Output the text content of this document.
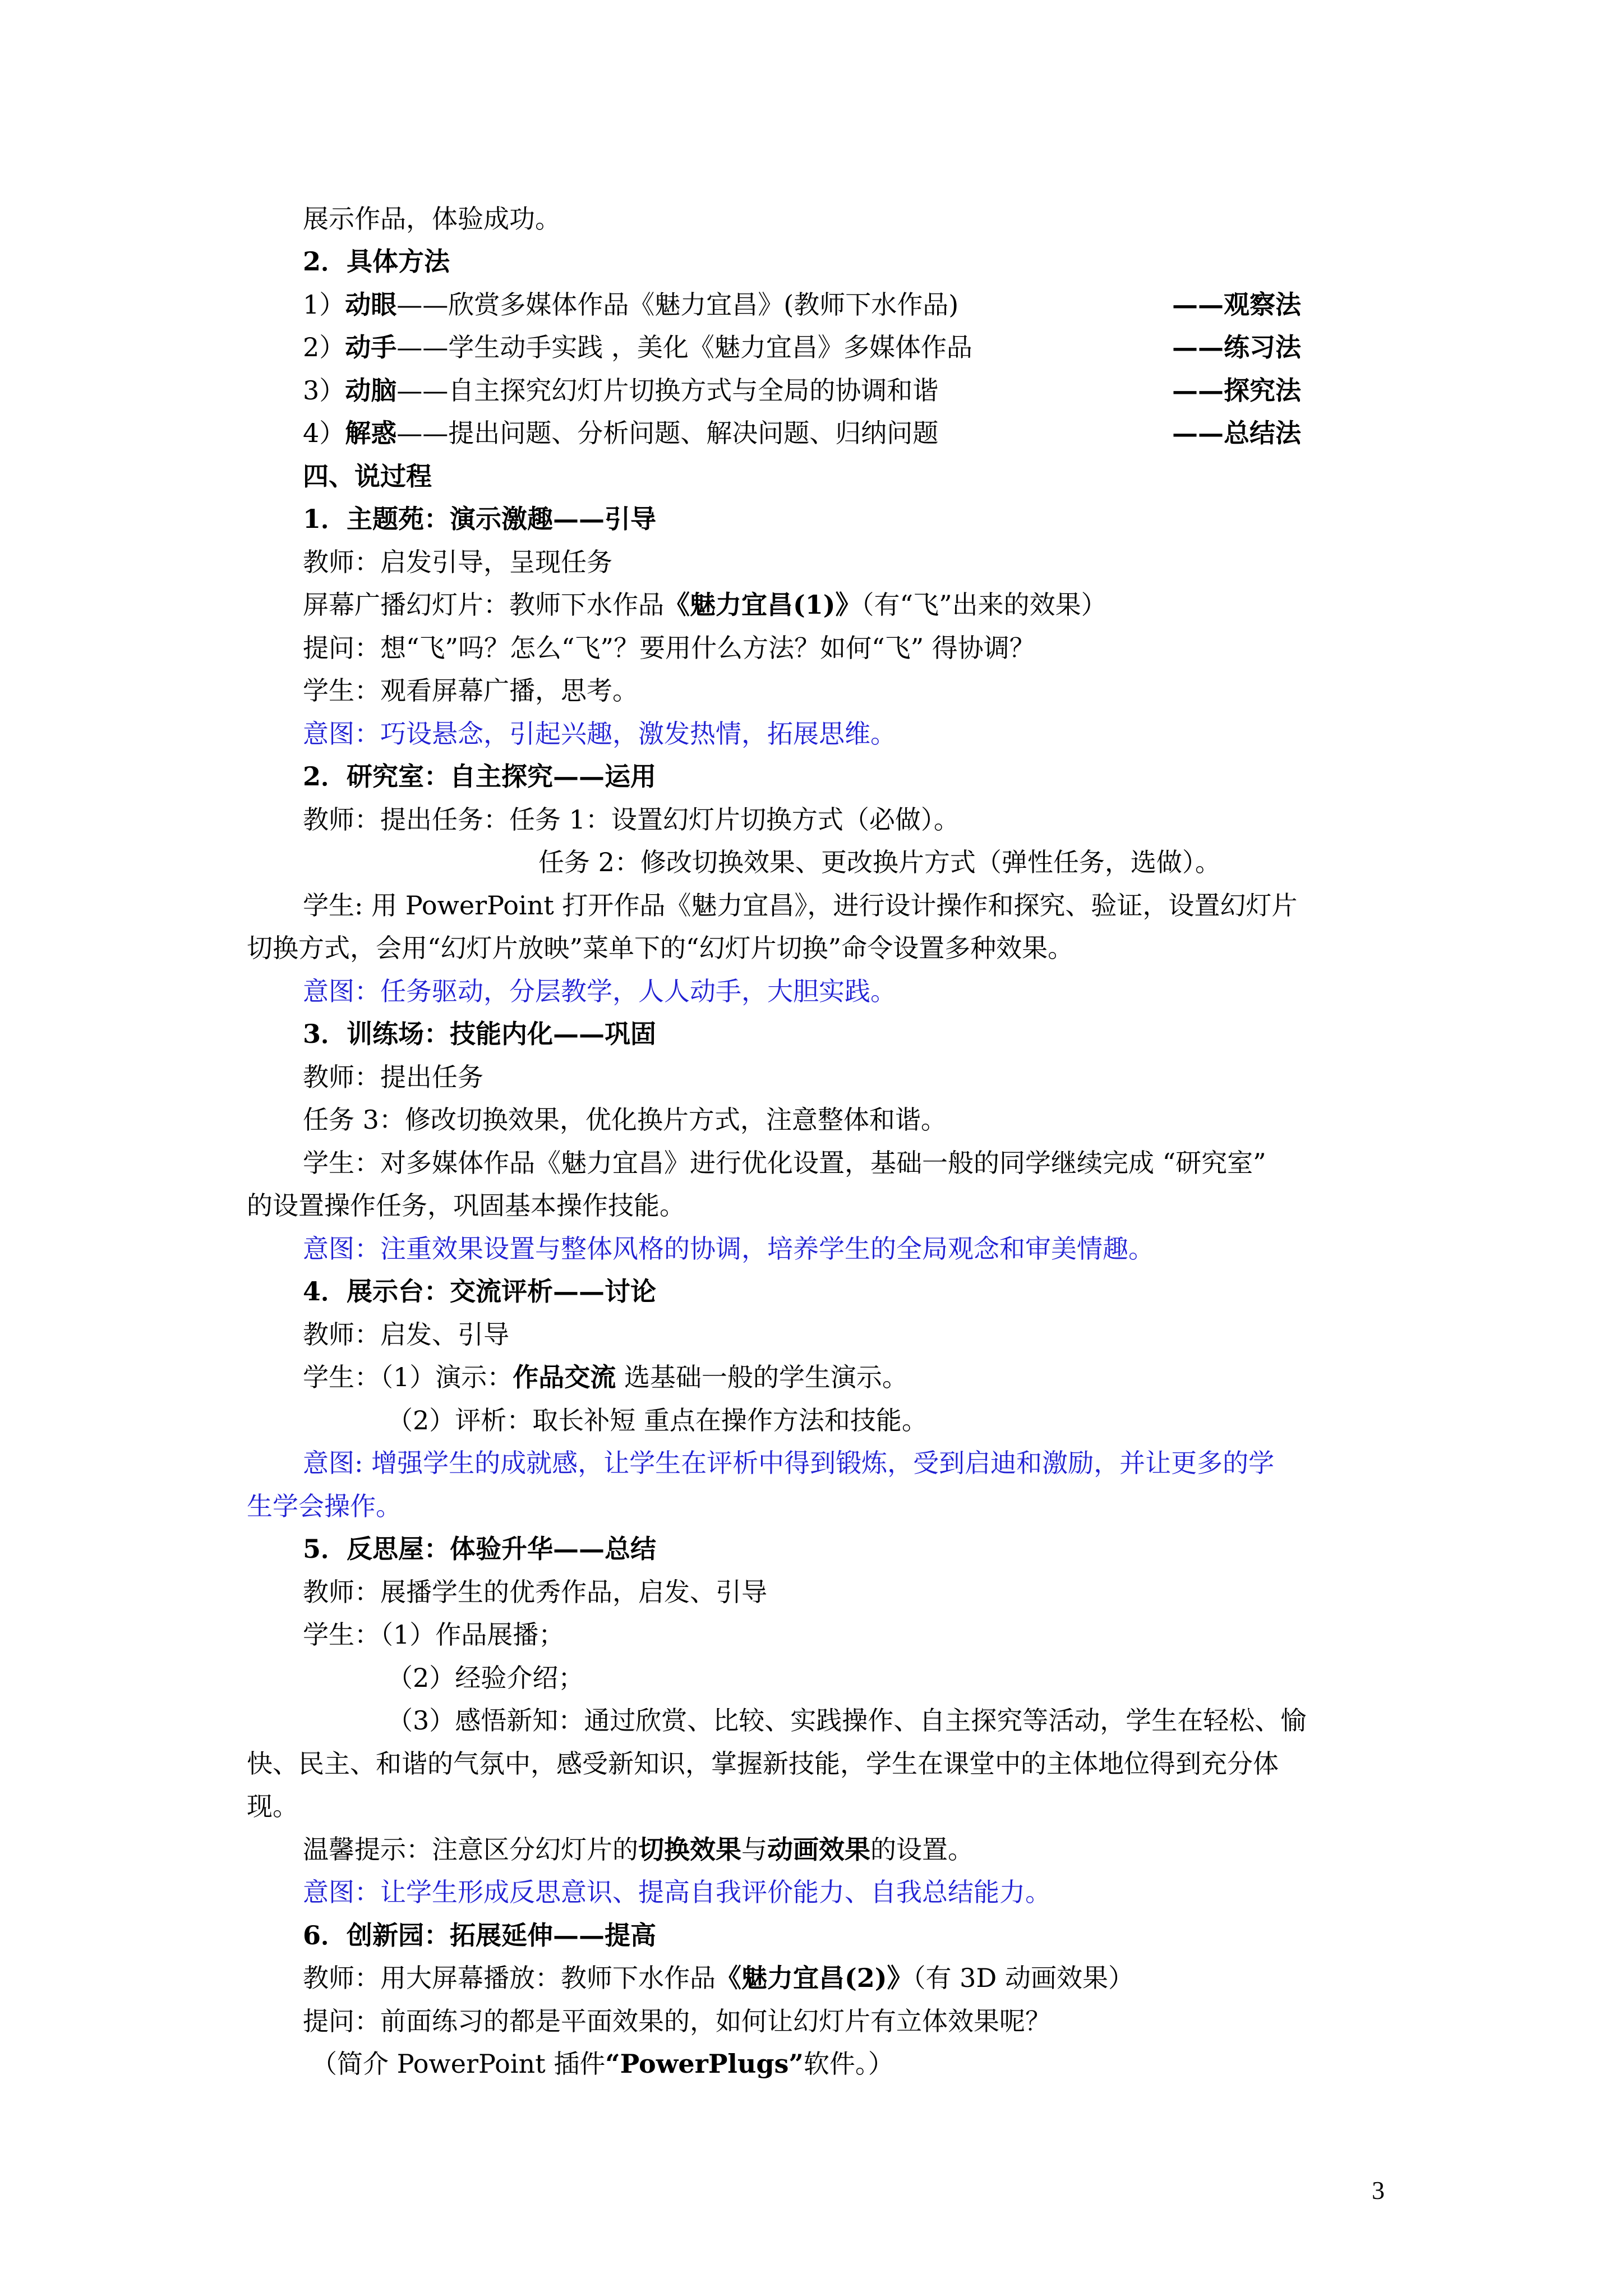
展示作品，体验成功。
2．具体方法
1）动眼——欣赏多媒体作品《魅力宜昌》(教师下水作品)	——观察法
2）动手——学生动手实践 ，美化《魅力宜昌》多媒体作品	——练习法
3）动脑——自主探究幻灯片切换方式与全局的协调和谐	——探究法
4）解惑——提出问题、分析问题、解决问题、归纳问题	——总结法
四、说过程
1．主题苑：演示激趣——引导
教师：启发引导，呈现任务
屏幕广播幻灯片：教师下水作品《魅力宜昌(1)》（有“飞”出来的效果）
提问：想“飞”吗？怎么“飞”？要用什么方法？如何“飞” 得协调？
学生：观看屏幕广播，思考。
意图：巧设悬念，引起兴趣，激发热情，拓展思维。
2．研究室：自主探究——运用
教师：提出任务：任务 1：设置幻灯片切换方式（必做）。
任务 2：修改切换效果、更改换片方式（弹性任务，选做）。
学生: 用 PowerPoint 打开作品《魅力宜昌》，进行设计操作和探究、验证，设置幻灯片
切换方式，会用“幻灯片放映”菜单下的“幻灯片切换”命令设置多种效果。
意图：任务驱动，分层教学，人人动手，大胆实践。
3．训练场：技能内化——巩固
教师：提出任务
任务 3：修改切换效果，优化换片方式，注意整体和谐。
学生：对多媒体作品《魅力宜昌》进行优化设置，基础一般的同学继续完成 “研究室”
的设置操作任务，巩固基本操作技能。
意图：注重效果设置与整体风格的协调，培养学生的全局观念和审美情趣。
4．展示台：交流评析——讨论
教师：启发、引导
学生：（1）演示：作品交流 选基础一般的学生演示。
（2）评析：取长补短 重点在操作方法和技能。
意图: 增强学生的成就感，让学生在评析中得到锻炼，受到启迪和激励，并让更多的学
生学会操作。
5．反思屋：体验升华——总结
教师：展播学生的优秀作品，启发、引导
学生：（1）作品展播；
（2）经验介绍；
（3）感悟新知：通过欣赏、比较、实践操作、自主探究等活动，学生在轻松、愉
快、民主、和谐的气氛中，感受新知识，掌握新技能，学生在课堂中的主体地位得到充分体
现。
温馨提示：注意区分幻灯片的切换效果与动画效果的设置。
意图：让学生形成反思意识、提高自我评价能力、自我总结能力。
6．创新园：拓展延伸——提高
教师：用大屏幕播放：教师下水作品《魅力宜昌(2)》（有 3D 动画效果）
提问：前面练习的都是平面效果的，如何让幻灯片有立体效果呢？
（简介 PowerPoint 插件“PowerPlugs”软件。）
3
